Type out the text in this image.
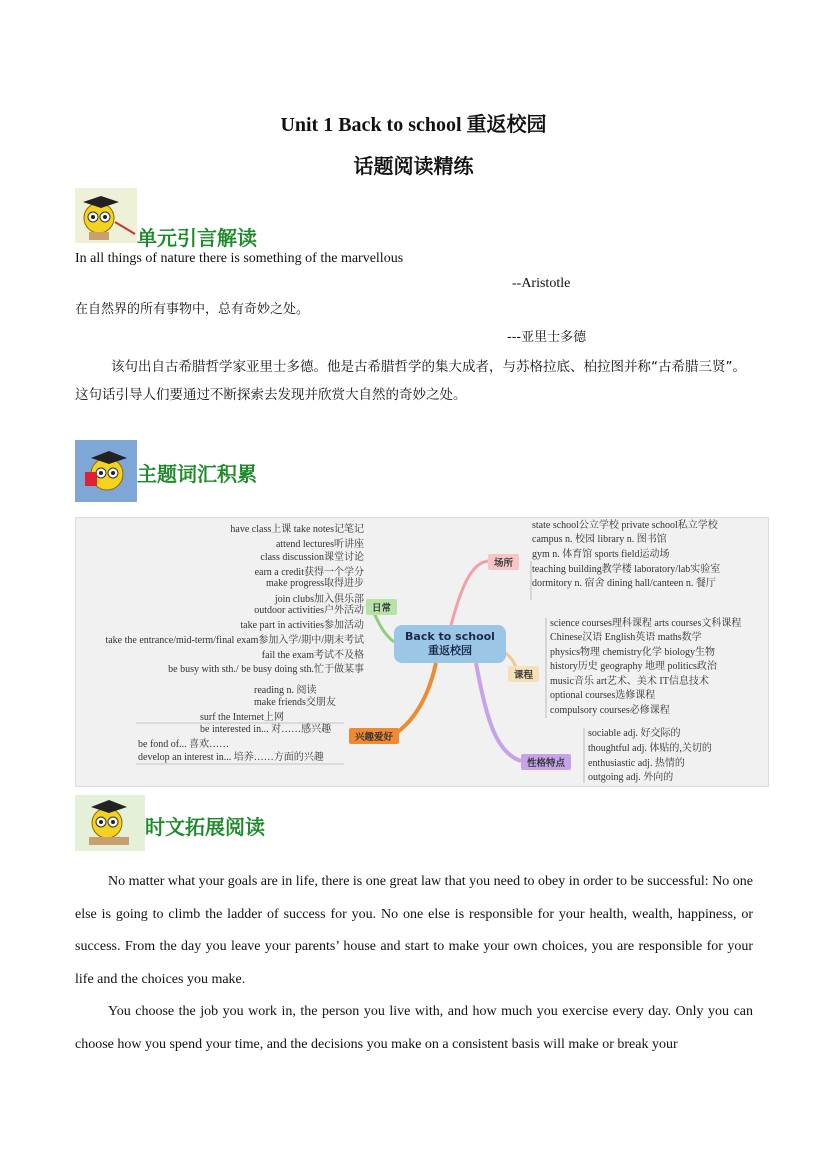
Unit 1 Back to school 重返校园
话题阅读精练
单元引言解读
In all things of nature there is something of the marvellous
--Aristotle
在自然界的所有事物中，总有奇妙之处。
---亚里士多德
该句出自古希腊哲学家亚里士多德。他是古希腊哲学的集大成者，与苏格拉底、柏拉图并称“古希腊三贤”。这句话引导人们要通过不断探索去发现并欣赏大自然的奇妙之处。
主题词汇积累
Back to school
重返校园
日常
场所
课程
兴趣爱好
性格特点
have class上课 take notes记笔记
attend lectures听讲座
class discussion课堂讨论
earn a credit获得一个学分
make progress取得进步
join clubs加入俱乐部
outdoor activities户外活动
take part in activities参加活动
take the entrance/mid-term/final exam参加入学/期中/期末考试
fail the exam考试不及格
be busy with sth./ be busy doing sth.忙于做某事
state school公立学校 private school私立学校
campus n. 校园 library n. 图书馆
gym n. 体育馆 sports field运动场
teaching building教学楼 laboratory/lab实验室
dormitory n. 宿舍 dining hall/canteen n. 餐厅
science courses理科课程 arts courses文科课程
Chinese汉语 English英语 maths数学
physics物理 chemistry化学 biology生物
history历史 geography 地理 politics政治
music音乐 art艺术、美术 IT信息技术
optional courses选修课程
compulsory courses必修课程
reading n. 阅读
make friends交朋友
surf the Internet上网
be interested in... 对……感兴趣
be fond of... 喜欢……
develop an interest in... 培养……方面的兴趣
sociable adj. 好交际的
thoughtful adj. 体贴的,关切的
enthusiastic adj. 热情的
outgoing adj. 外向的
时文拓展阅读
No matter what your goals are in life, there is one great law that you need to obey in order to be successful: No one else is going to climb the ladder of success for you. No one else is responsible for your health, wealth, happiness, or success. From the day you leave your parents’ house and start to make your own choices, you are responsible for your life and the choices you make.
You choose the job you work in, the person you live with, and how much you exercise every day. Only you can choose how you spend your time, and the decisions you make on a consistent basis will make or break your
